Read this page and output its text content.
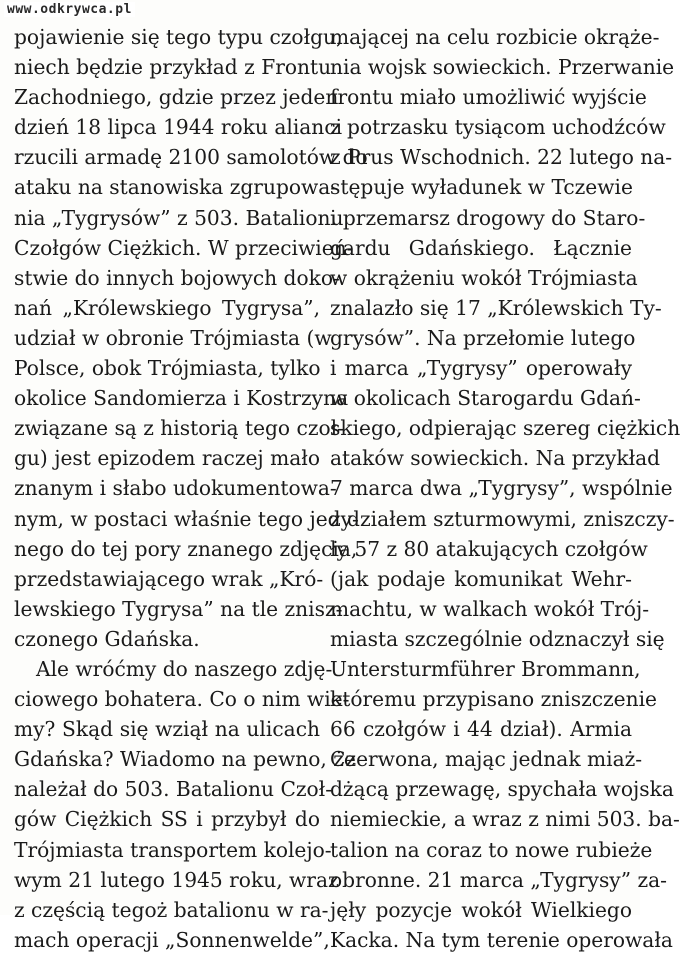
www.odkrywca.pl
pojawienie się tego typu czołgu,
niech będzie przykład z Frontu
Zachodniego, gdzie przez jeden
dzień 18 lipca 1944 roku alianci
rzucili armadę 2100 samolotów do
ataku na stanowiska zgrupowa-
nia „Tygrysów” z 503. Batalionu
Czołgów Ciężkich. W przeciwień-
stwie do innych bojowych doko-
nań „Królewskiego Tygrysa”,
udział w obronie Trójmiasta (w
Polsce, obok Trójmiasta, tylko
okolice Sandomierza i Kostrzyna
związane są z historią tego czoł-
gu) jest epizodem raczej mało
znanym i słabo udokumentowa-
nym, w postaci właśnie tego jedy-
nego do tej pory znanego zdjęcia,
przedstawiającego wrak „Kró-
lewskiego Tygrysa” na tle znisz-
czonego Gdańska.
Ale wróćmy do naszego zdję-
ciowego bohatera. Co o nim wie-
my? Skąd się wziął na ulicach
Gdańska? Wiadomo na pewno, że
należał do 503. Batalionu Czoł-
gów Ciężkich SS i przybył do
Trójmiasta transportem kolejo-
wym 21 lutego 1945 roku, wraz
z częścią tegoż batalionu w ra-
mach operacji „Sonnenwelde”,
mającej na celu rozbicie okrąże-
nia wojsk sowieckich. Przerwanie
frontu miało umożliwić wyjście
z potrzasku tysiącom uchodźców
z Prus Wschodnich. 22 lutego na-
stępuje wyładunek w Tczewie
i przemarsz drogowy do Staro-
gardu Gdańskiego. Łącznie
w okrążeniu wokół Trójmiasta
znalazło się 17 „Królewskich Ty-
grysów”. Na przełomie lutego
i marca „Tygrysy” operowały
w okolicach Starogardu Gdań-
skiego, odpierając szereg ciężkich
ataków sowieckich. Na przykład
7 marca dwa „Tygrysy”, wspólnie
z działem szturmowymi, zniszczy-
ły 57 z 80 atakujących czołgów
(jak podaje komunikat Wehr-
machtu, w walkach wokół Trój-
miasta szczególnie odznaczył się
Untersturmführer Brommann,
któremu przypisano zniszczenie
66 czołgów i 44 dział). Armia
Czerwona, mając jednak miaż-
dżącą przewagę, spychała wojska
niemieckie, a wraz z nimi 503. ba-
talion na coraz to nowe rubieże
obronne. 21 marca „Tygrysy” za-
jęły pozycje wokół Wielkiego
Kacka. Na tym terenie operowała
